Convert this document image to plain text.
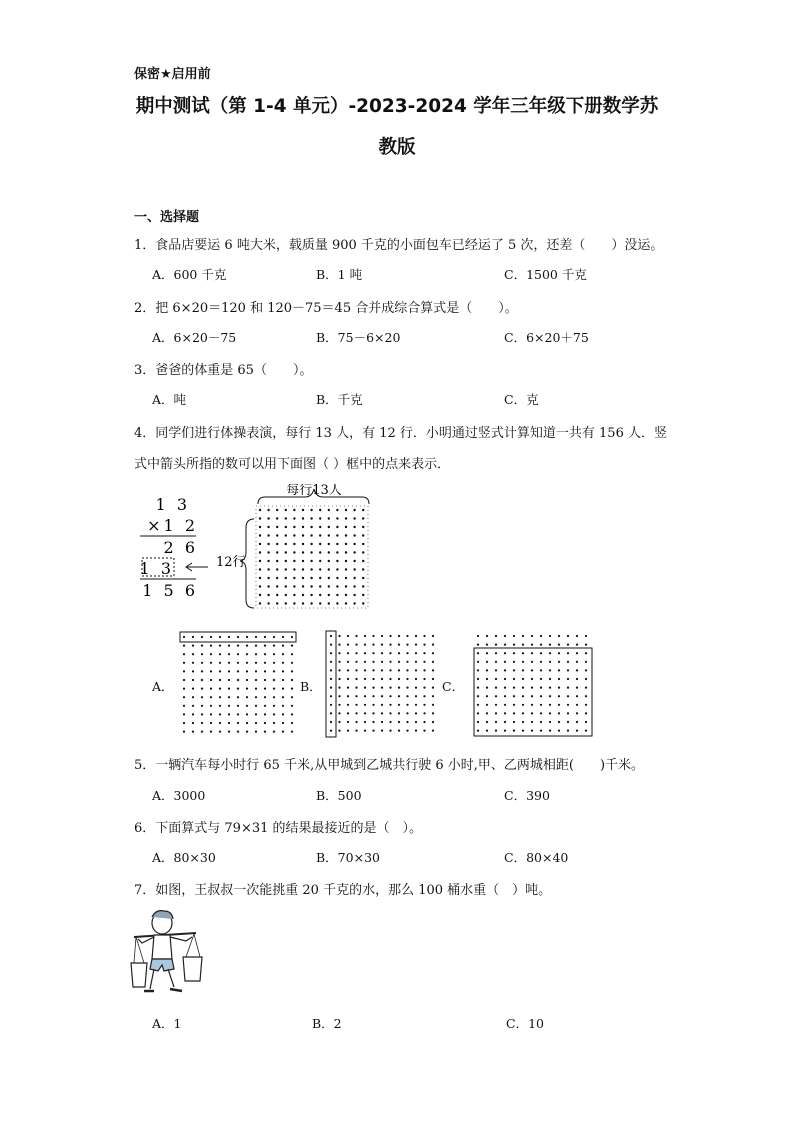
保密★启用前
期中测试（第 1-4 单元）-2023-2024 学年三年级下册数学苏
教版
一、选择题
1．食品店要运 6 吨大米，载质量 900 千克的小面包车已经运了 5 次，还差（　　）没运。
A．600 千克	B．1 吨	C．1500 千克
2．把 6×20＝120 和 120－75＝45 合并成综合算式是（　　）。
A．6×20－75	B．75－6×20	C．6×20＋75
3．爸爸的体重是 65（　　）。
A．吨	B．千克	C．克
4．同学们进行体操表演，每行 13 人，有 12 行．小明通过竖式计算知道一共有 156 人．竖
式中箭头所指的数可以用下面图（ ）框中的点来表示．
1 3
×1 2
2 6
1 3
1 5 6
每行13人
12行
A．	B．	C．
5．一辆汽车每小时行 65 千米,从甲城到乙城共行驶 6 小时,甲、乙两城相距(　　)千米。
A．3000	B．500	C．390
6．下面算式与 79×31 的结果最接近的是（　）。
A．80×30	B．70×30	C．80×40
7．如图，王叔叔一次能挑重 20 千克的水，那么 100 桶水重（　）吨。
A．1	B．2	C．10
